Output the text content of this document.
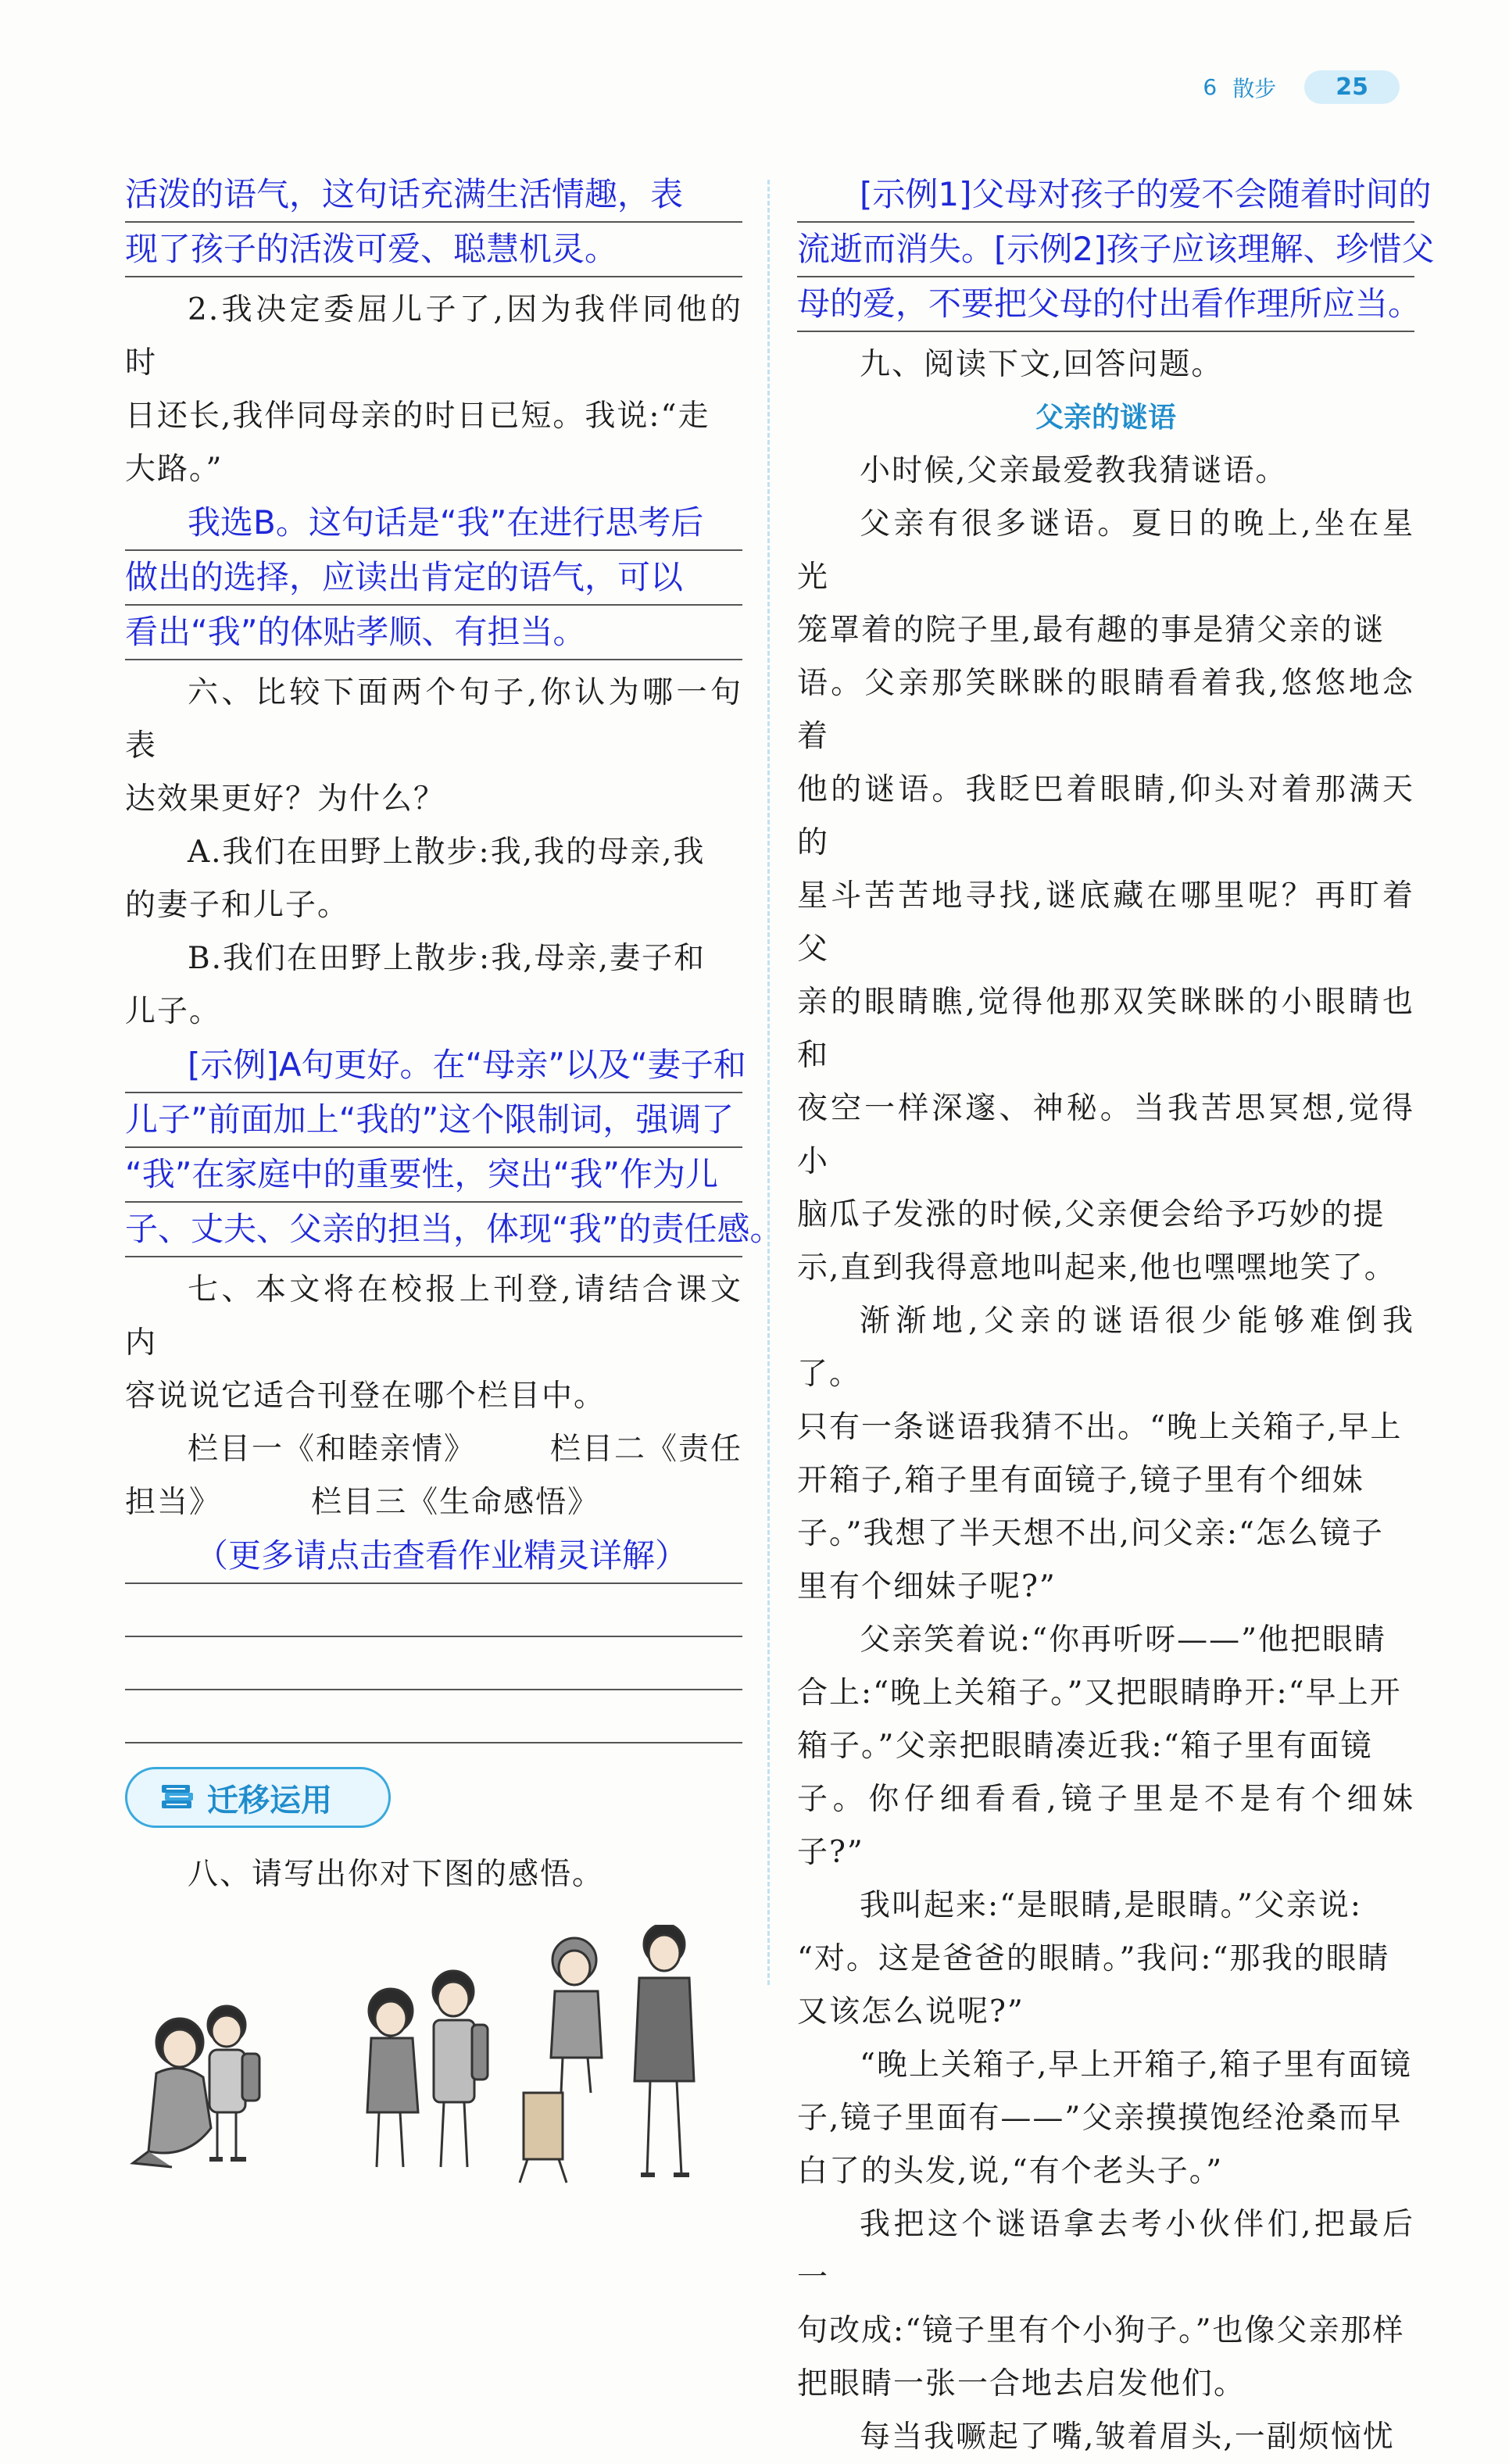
6 散步	25
活泼的语气，这句话充满生活情趣，表
现了孩子的活泼可爱、聪慧机灵。

2.我决定委屈儿子了,因为我伴同他的时

日还长,我伴同母亲的时日已短。我说:“走

大路。”

我选B。这句话是“我”在进行思考后
做出的选择，应读出肯定的语气，可以
看出“我”的体贴孝顺、有担当。

六、比较下面两个句子,你认为哪一句表

达效果更好？为什么？

A.我们在田野上散步:我,我的母亲,我

的妻子和儿子。

B.我们在田野上散步:我,母亲,妻子和

儿子。

[示例]A句更好。在“母亲”以及“妻子和
儿子”前面加上“我的”这个限制词，强调了
“我”在家庭中的重要性，突出“我”作为儿
子、丈夫、父亲的担当，体现“我”的责任感。

七、本文将在校报上刊登,请结合课文内

容说说它适合刊登在哪个栏目中。

栏目一《和睦亲情》 栏目二《责任

担当》        栏目三《生命感悟》

（更多请点击查看作业精灵详解）
迁移运用

八、请写出你对下图的感悟。

[示例1]父母对孩子的爱不会随着时间的
流逝而消失。[示例2]孩子应该理解、珍惜父
母的爱，不要把父母的付出看作理所应当。

九、阅读下文,回答问题。

父亲的谜语

小时候,父亲最爱教我猜谜语。

父亲有很多谜语。夏日的晚上,坐在星光

笼罩着的院子里,最有趣的事是猜父亲的谜

语。父亲那笑眯眯的眼睛看着我,悠悠地念着

他的谜语。我眨巴着眼睛,仰头对着那满天的

星斗苦苦地寻找,谜底藏在哪里呢？再盯着父

亲的眼睛瞧,觉得他那双笑眯眯的小眼睛也和

夜空一样深邃、神秘。当我苦思冥想,觉得小

脑瓜子发涨的时候,父亲便会给予巧妙的提

示,直到我得意地叫起来,他也嘿嘿地笑了。

渐渐地,父亲的谜语很少能够难倒我了。

只有一条谜语我猜不出。“晚上关箱子,早上

开箱子,箱子里有面镜子,镜子里有个细妹

子。”我想了半天想不出,问父亲:“怎么镜子

里有个细妹子呢?”

父亲笑着说:“你再听呀——”他把眼睛

合上:“晚上关箱子。”又把眼睛睁开:“早上开

箱子。”父亲把眼睛凑近我:“箱子里有面镜

子。你仔细看看,镜子里是不是有个细妹子?”

我叫起来:“是眼睛,是眼睛。”父亲说:

“对。这是爸爸的眼睛。”我问:“那我的眼睛

又该怎么说呢?”

“晚上关箱子,早上开箱子,箱子里有面镜

子,镜子里面有——”父亲摸摸饱经沧桑而早

白了的头发,说,“有个老头子。”

我把这个谜语拿去考小伙伴们,把最后一

句改成:“镜子里有个小狗子。”也像父亲那样

把眼睛一张一合地去启发他们。

每当我噘起了嘴,皱着眉头,一副烦恼忧
